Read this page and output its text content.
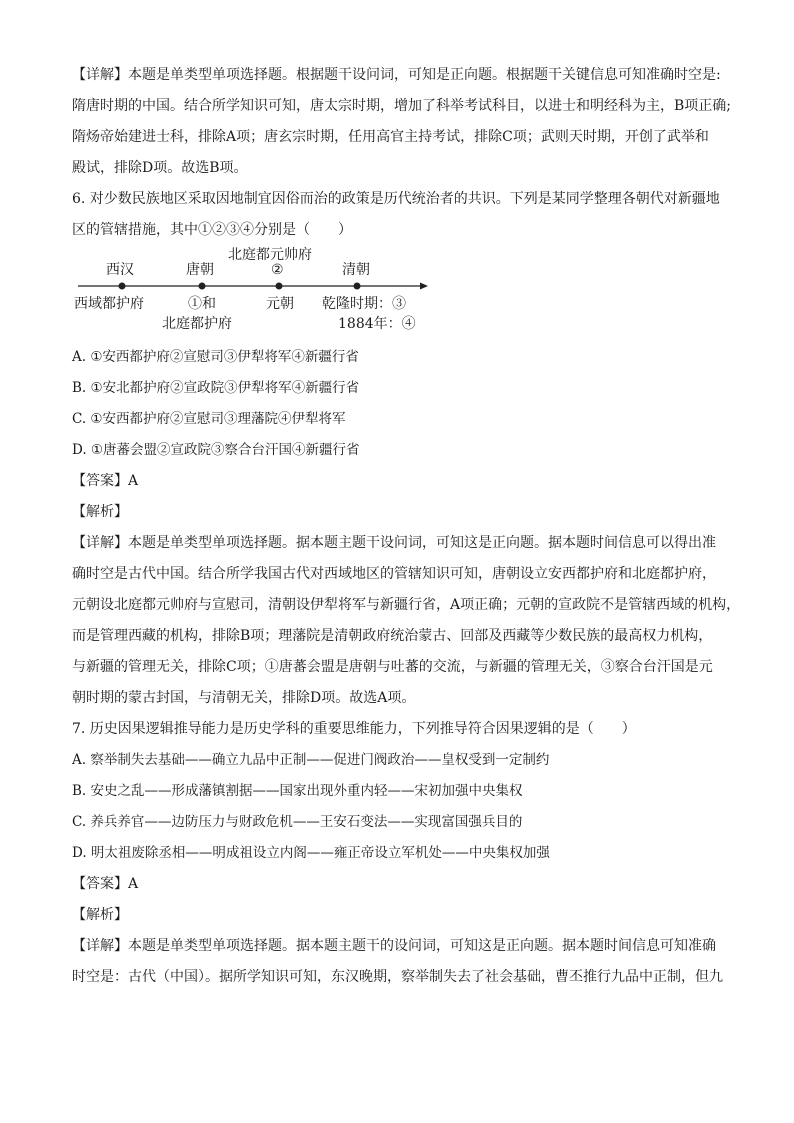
【详解】本题是单类型单项选择题。根据题干设问词，可知是正向题。根据题干关键信息可知准确时空是:
隋唐时期的中国。结合所学知识可知，唐太宗时期，增加了科举考试科目，以进士和明经科为主，B项正确;
隋炀帝始建进士科，排除A项；唐玄宗时期，任用高官主持考试，排除C项；武则天时期，开创了武举和
殿试，排除D项。故选B项。
6. 对少数民族地区采取因地制宜因俗而治的政策是历代统治者的共识。下列是某同学整理各朝代对新疆地
区的管辖措施，其中①②③④分别是（　　）
北庭都元帅府
西汉	唐朝	②	清朝
西域都护府	①和
北庭都护府
元朝 乾隆时期：③
1884年：④
A. ①安西都护府②宣慰司③伊犁将军④新疆行省
B. ①安北都护府②宣政院③伊犁将军④新疆行省
C. ①安西都护府②宣慰司③理藩院④伊犁将军
D. ①唐蕃会盟②宣政院③察合台汗国④新疆行省
【答案】A
【解析】
【详解】本题是单类型单项选择题。据本题主题干设问词，可知这是正向题。据本题时间信息可以得出准
确时空是古代中国。结合所学我国古代对西域地区的管辖知识可知，唐朝设立安西都护府和北庭都护府，
元朝设北庭都元帅府与宣慰司，清朝设伊犁将军与新疆行省，A项正确；元朝的宣政院不是管辖西域的机构，
而是管理西藏的机构，排除B项；理藩院是清朝政府统治蒙古、回部及西藏等少数民族的最高权力机构，
与新疆的管理无关，排除C项；①唐蕃会盟是唐朝与吐蕃的交流，与新疆的管理无关，③察合台汗国是元
朝时期的蒙古封国，与清朝无关，排除D项。故选A项。
7. 历史因果逻辑推导能力是历史学科的重要思维能力，下列推导符合因果逻辑的是（　　）
A. 察举制失去基础——确立九品中正制——促进门阀政治——皇权受到一定制约
B. 安史之乱——形成藩镇割据——国家出现外重内轻——宋初加强中央集权
C. 养兵养官——边防压力与财政危机——王安石变法——实现富国强兵目的
D. 明太祖废除丞相——明成祖设立内阁——雍正帝设立军机处——中央集权加强
【答案】A
【解析】
【详解】本题是单类型单项选择题。据本题主题干的设问词，可知这是正向题。据本题时间信息可知准确
时空是：古代（中国）。据所学知识可知，东汉晚期，察举制失去了社会基础，曹丕推行九品中正制，但九
